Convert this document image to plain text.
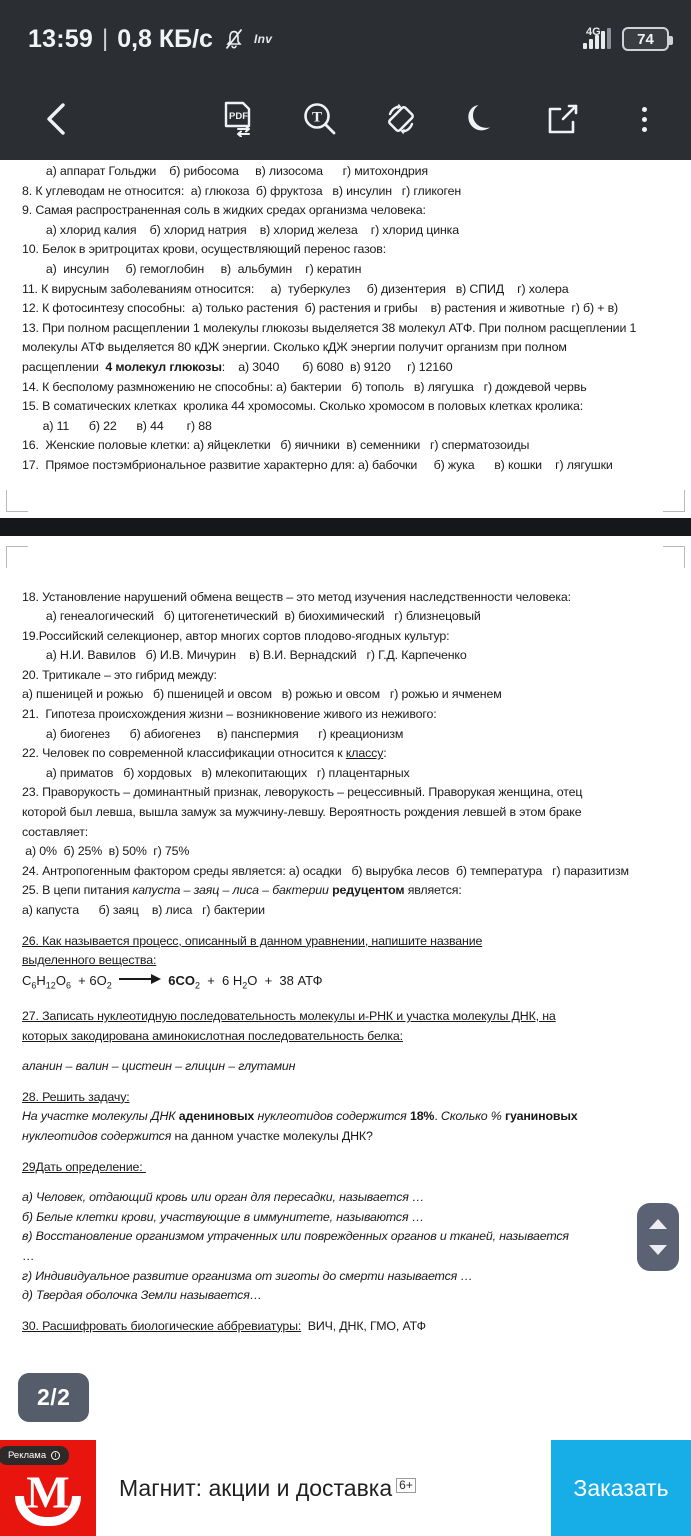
13:59 | 0,8 КБ/c	Inv	4G 74
PDF	T
а) аппарат Гольджи    б) рибосома     в) лизосома      г) митохондрия
8. К углеводам не относится:  а) глюкоза  б) фруктоза   в) инсулин   г) гликоген
9. Самая распространенная соль в жидких средах организма человека:
а) хлорид калия    б) хлорид натрия    в) хлорид железа    г) хлорид цинка
10. Белок в эритроцитах крови, осуществляющий перенос газов:
а)  инсулин     б) гемоглобин     в)  альбумин    г) кератин
11. К вирусным заболеваниям относится:     а)  туберкулез     б) дизентерия   в) СПИД    г) холера
12. К фотосинтезу способны:  а) только растения  б) растения и грибы    в) растения и животные  г) б) + в)
13. При полном расщеплении 1 молекулы глюкозы выделяется 38 молекул АТФ. При полном расщеплении 1
молекулы АТФ выделяется 80 кДЖ энергии. Сколько кДЖ энергии получит организм при полном
расщеплении  4 молекул глюкозы:    а) 3040       б) 6080  в) 9120     г) 12160
14. К бесполому размножению не способны: а) бактерии   б) тополь   в) лягушка   г) дождевой червь
15. В соматических клетках  кролика 44 хромосомы. Сколько хромосом в половых клетках кролика:
а) 11      б) 22      в) 44       г) 88
16.  Женские половые клетки: а) яйцеклетки   б) яичники  в) семенники   г) сперматозоиды
17.  Прямое постэмбриональное развитие характерно для: а) бабочки     б) жука      в) кошки    г) лягушки
18. Установление нарушений обмена веществ – это метод изучения наследственности человека:
а) генеалогический   б) цитогенетический  в) биохимический   г) близнецовый
19.Российский селекционер, автор многих сортов плодово-ягодных культур:
а) Н.И. Вавилов   б) И.В. Мичурин    в) В.И. Вернадский   г) Г.Д. Карпеченко
20. Тритикале – это гибрид между:
а) пшеницей и рожью   б) пшеницей и овсом   в) рожью и овсом   г) рожью и ячменем
21.  Гипотеза происхождения жизни – возникновение живого из неживого:
а) биогенез      б) абиогенез     в) панспермия      г) креационизм
22. Человек по современной классификации относится к классу:
а) приматов   б) хордовых   в) млекопитающих   г) плацентарных
23. Праворукость – доминантный признак, леворукость – рецессивный. Праворукая женщина, отец
которой был левша, вышла замуж за мужчину-левшу. Вероятность рождения левшей в этом браке
составляет:
а) 0%  б) 25%  в) 50%  г) 75%
24. Антропогенным фактором среды является: а) осадки   б) вырубка лесов  б) температура   г) паразитизм
25. В цепи питания капуста – заяц – лиса – бактерии редуцентом является:
а) капуста      б) заяц    в) лиса   г) бактерии
26. Как называется процесс, описанный в данном уравнении, напишите название
выделенного вещества:
$C_6H_{12}O_6 + 6O_2$	$6CO_2 + 6$ $H_2O + 38$ АТФ
27. Записать нуклеотидную последовательность молекулы и-РНК и участка молекулы ДНК, на
которых закодирована аминокислотная последовательность белка:
аланин – валин – цистеин – глицин – глутамин
28. Решить задачу:
На участке молекулы ДНК адениновых нуклеотидов содержится 18%. Сколько % гуаниновых
нуклеотидов содержится на данном участке молекулы ДНК?
29Дать определение:
а) Человек, отдающий кровь или орган для пересадки, называется …
б) Белые клетки крови, участвующие в иммунитете, называются …
в) Восстановление организмом утраченных или поврежденных органов и тканей, называется
…
г) Индивидуальное развитие организма от зиготы до смерти называется …
д) Твердая оболочка Земли называется…
30. Расшифровать биологические аббревиатуры:  ВИЧ, ДНК, ГМО, АТФ
2/2
Реклама	i
M Магнит: акции и доставка 6+	Заказать
